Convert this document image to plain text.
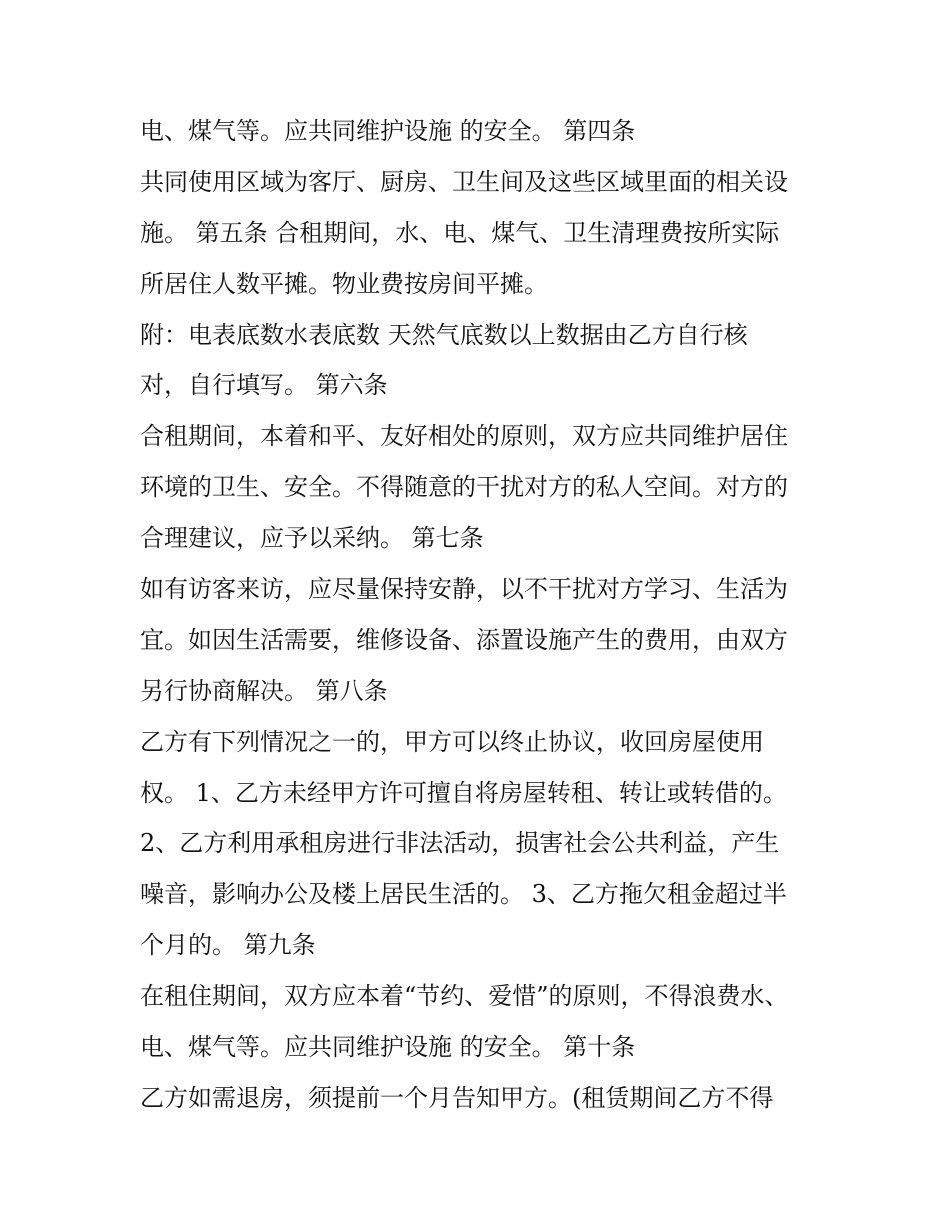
电、煤气等。应共同维护设施 的安全。 第四条
共同使用区域为客厅、厨房、卫生间及这些区域里面的相关设
施。 第五条 合租期间，水、电、煤气、卫生清理费按所实际
所居住人数平摊。物业费按房间平摊。
附：电表底数水表底数 天然气底数以上数据由乙方自行核
对，自行填写。 第六条
合租期间，本着和平、友好相处的原则，双方应共同维护居住
环境的卫生、安全。不得随意的干扰对方的私人空间。对方的
合理建议，应予以采纳。 第七条
如有访客来访，应尽量保持安静，以不干扰对方学习、生活为
宜。如因生活需要，维修设备、添置设施产生的费用，由双方
另行协商解决。 第八条
乙方有下列情况之一的，甲方可以终止协议，收回房屋使用
权。 1、乙方未经甲方许可擅自将房屋转租、转让或转借的。
2、乙方利用承租房进行非法活动，损害社会公共利益，产生
噪音，影响办公及楼上居民生活的。 3、乙方拖欠租金超过半
个月的。 第九条
在租住期间，双方应本着“节约、爱惜”的原则，不得浪费水、
电、煤气等。应共同维护设施 的安全。 第十条
乙方如需退房，须提前一个月告知甲方。(租赁期间乙方不得
